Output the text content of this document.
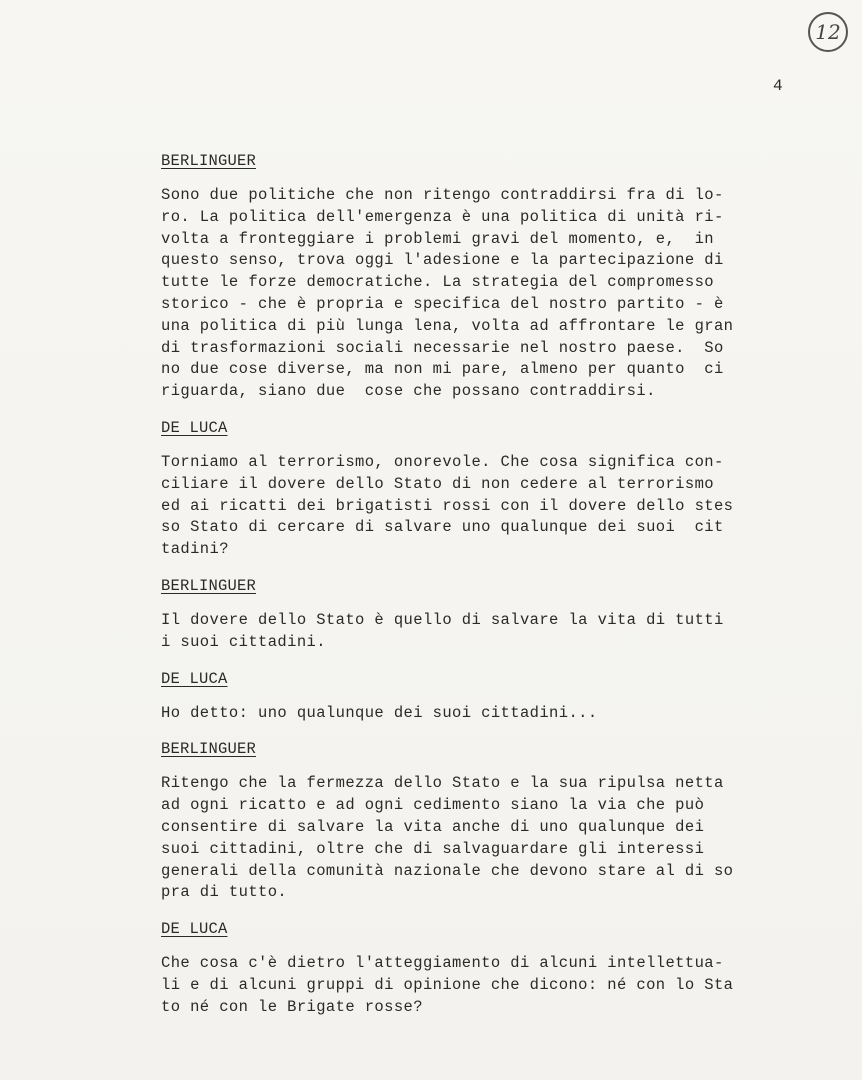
12
4
BERLINGUER
Sono due politiche che non ritengo contraddirsi fra di lo-
ro. La politica dell'emergenza è una politica di unità ri-
volta a fronteggiare i problemi gravi del momento, e,  in
questo senso, trova oggi l'adesione e la partecipazione di
tutte le forze democratiche. La strategia del compromesso
storico - che è propria e specifica del nostro partito - è
una politica di più lunga lena, volta ad affrontare le gran
di trasformazioni sociali necessarie nel nostro paese.  So
no due cose diverse, ma non mi pare, almeno per quanto  ci
riguarda, siano due  cose che possano contraddirsi.
DE LUCA
Torniamo al terrorismo, onorevole. Che cosa significa con-
ciliare il dovere dello Stato di non cedere al terrorismo
ed ai ricatti dei brigatisti rossi con il dovere dello stes
so Stato di cercare di salvare uno qualunque dei suoi  cit
tadini?
BERLINGUER
Il dovere dello Stato è quello di salvare la vita di tutti
i suoi cittadini.
DE LUCA
Ho detto: uno qualunque dei suoi cittadini...
BERLINGUER
Ritengo che la fermezza dello Stato e la sua ripulsa netta
ad ogni ricatto e ad ogni cedimento siano la via che può
consentire di salvare la vita anche di uno qualunque dei
suoi cittadini, oltre che di salvaguardare gli interessi
generali della comunità nazionale che devono stare al di so
pra di tutto.
DE LUCA
Che cosa c'è dietro l'atteggiamento di alcuni intellettua-
li e di alcuni gruppi di opinione che dicono: né con lo Sta
to né con le Brigate rosse?
